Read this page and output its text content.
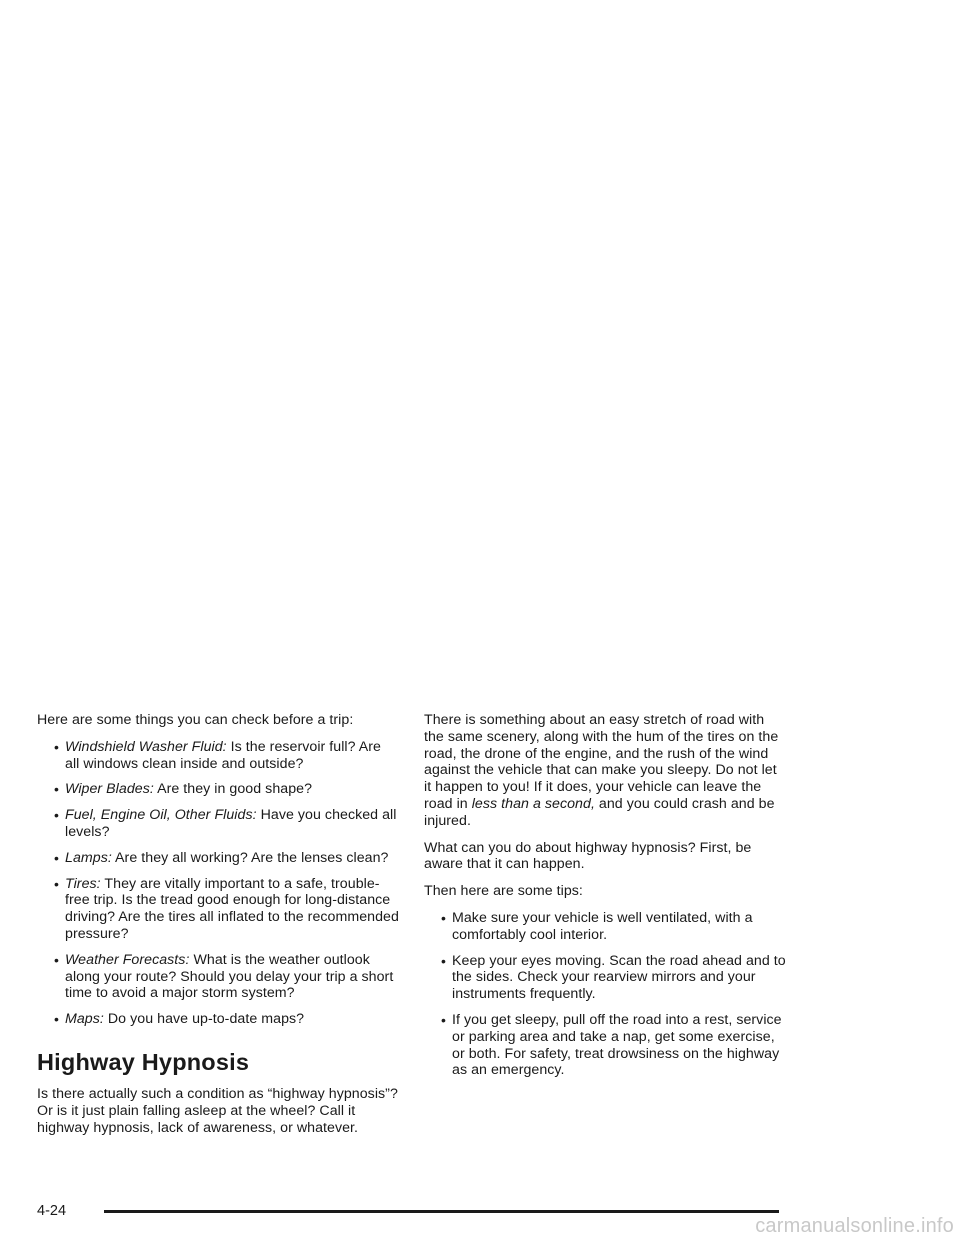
Here are some things you can check before a trip:

• Windshield Washer Fluid: Is the reservoir full? Are all windows clean inside and outside?
• Wiper Blades: Are they in good shape?
• Fuel, Engine Oil, Other Fluids: Have you checked all levels?
• Lamps: Are they all working? Are the lenses clean?
• Tires: They are vitally important to a safe, trouble-free trip. Is the tread good enough for long-distance driving? Are the tires all inflated to the recommended pressure?
• Weather Forecasts: What is the weather outlook along your route? Should you delay your trip a short time to avoid a major storm system?
• Maps: Do you have up-to-date maps?
Highway Hypnosis

Is there actually such a condition as “highway hypnosis”? Or is it just plain falling asleep at the wheel? Call it highway hypnosis, lack of awareness, or whatever.

There is something about an easy stretch of road with the same scenery, along with the hum of the tires on the road, the drone of the engine, and the rush of the wind against the vehicle that can make you sleepy. Do not let it happen to you! If it does, your vehicle can leave the road in less than a second, and you could crash and be injured.

What can you do about highway hypnosis? First, be aware that it can happen.

Then here are some tips:

• Make sure your vehicle is well ventilated, with a comfortably cool interior.
• Keep your eyes moving. Scan the road ahead and to the sides. Check your rearview mirrors and your instruments frequently.
• If you get sleepy, pull off the road into a rest, service or parking area and take a nap, get some exercise, or both. For safety, treat drowsiness on the highway as an emergency.
4-24
carmanualsonline.info
